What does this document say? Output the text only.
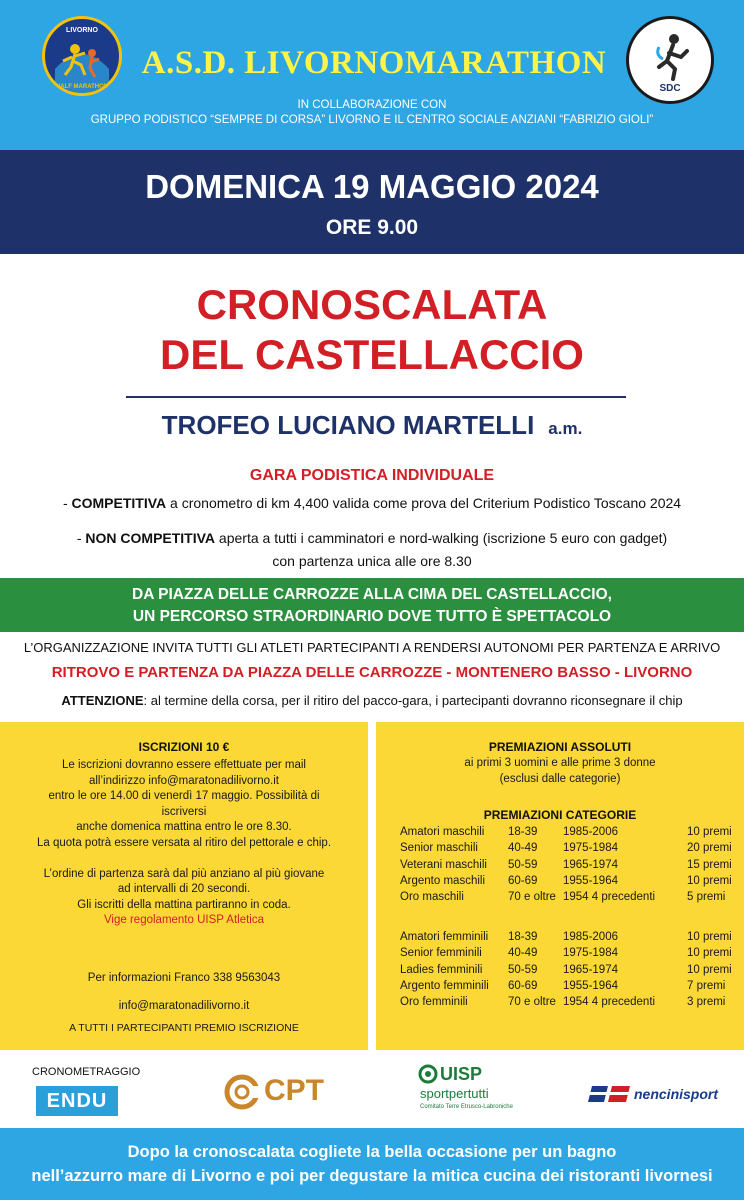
LIVORNO
HALF MARATHON
A.S.D. LIVORNOMARATHON
SDC
IN COLLABORAZIONE CON
GRUPPO PODISTICO “SEMPRE DI CORSA” LIVORNO E IL CENTRO SOCIALE ANZIANI “FABRIZIO GIOLI”
DOMENICA 19 MAGGIO 2024
ORE 9.00
CRONOSCALATA
DEL CASTELLACCIO
TROFEO LUCIANO MARTELLI a.m.
GARA PODISTICA INDIVIDUALE
- COMPETITIVA a cronometro di km 4,400 valida come prova del Criterium Podistico Toscano 2024
- NON COMPETITIVA aperta a tutti i camminatori e nord-walking (iscrizione 5 euro con gadget)
con partenza unica alle ore 8.30
DA PIAZZA DELLE CARROZZE ALLA CIMA DEL CASTELLACCIO,
UN PERCORSO STRAORDINARIO DOVE TUTTO È SPETTACOLO
L’ORGANIZZAZIONE INVITA TUTTI GLI ATLETI PARTECIPANTI A RENDERSI AUTONOMI PER PARTENZA E ARRIVO
RITROVO E PARTENZA DA PIAZZA DELLE CARROZZE - MONTENERO BASSO - LIVORNO
ATTENZIONE: al termine della corsa, per il ritiro del pacco-gara, i partecipanti dovranno riconsegnare il chip
ISCRIZIONI 10 €
Le iscrizioni dovranno essere effettuate per mail
all’indirizzo info@maratonadilivorno.it
entro le ore 14.00 di venerdì 17 maggio. Possibilità di iscriversi
anche domenica mattina entro le ore 8.30.
La quota potrà essere versata al ritiro del pettorale e chip.
L’ordine di partenza sarà dal più anziano al più giovane
ad intervalli di 20 secondi.
Gli iscritti della mattina partiranno in coda.
Vige regolamento UISP Atletica
Per informazioni Franco 338 9563043
info@maratonadilivorno.it
A TUTTI I PARTECIPANTI PREMIO ISCRIZIONE
PREMIAZIONI ASSOLUTI
ai primi 3 uomini e alle prime 3 donne
(esclusi dalle categorie)
PREMIAZIONI CATEGORIE
Amatori maschili 18-39 1985-2006	10 premi
Senior maschili	40-49 1975-1984	20 premi
Veterani maschili 50-59 1965-1974	15 premi
Argento maschili 60-69 1955-1964	10 premi
Oro maschili	70 e oltre 1954 4 precedenti	5 premi
Amatori femminili 18-39 1985-2006	10 premi
Senior femminili 40-49 1975-1984	10 premi
Ladies femminili 50-59 1965-1974	10 premi
Argento femminili 60-69 1955-1964	7 premi
Oro femminili	70 e oltre 1954 4 precedenti	3 premi
CRONOMETRAGGIO
ENDU	CPT	UISP
sportpertutti
Comitato Terre Etrusco-Labroniche
nencinisport
Dopo la cronoscalata cogliete la bella occasione per un bagno
nell’azzurro mare di Livorno e poi per degustare la mitica cucina dei ristoranti livornesi
